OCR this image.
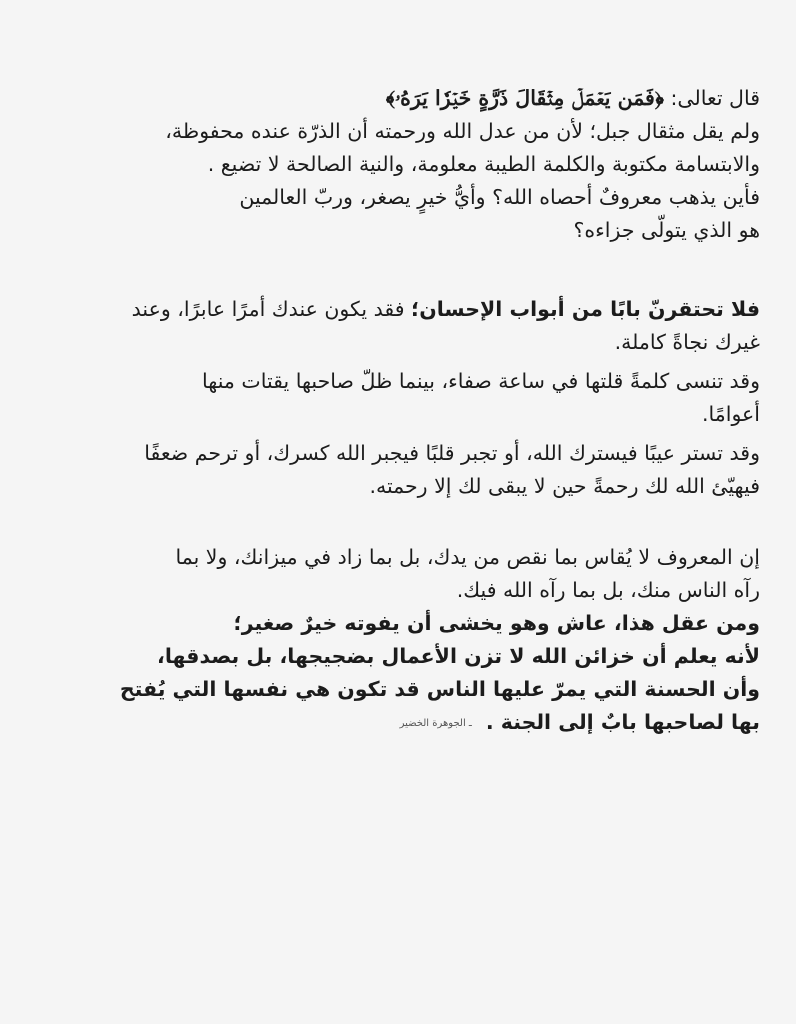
قال تعالى: ﴿فَمَن يَعۡمَلۡ مِثۡقَالَ ذَرَّةٍ خَيۡرٗا يَرَهُۥ﴾
ولم يقل مثقال جبل؛ لأن من عدل الله ورحمته أن الذرّة عنده محفوظة،
والابتسامة مكتوبة والكلمة الطيبة معلومة، والنية الصالحة لا تضيع .
فأين يذهب معروفٌ أحصاه الله؟ وأيُّ خيرٍ يصغر، وربّ العالمين
هو الذي يتولّى جزاءه؟
فلا تحتقرنّ بابًا من أبواب الإحسان؛ فقد يكون عندك أمرًا عابرًا، وعند
غيرك نجاةً كاملة.
وقد تنسى كلمةً قلتها في ساعة صفاء، بينما ظلّ صاحبها يقتات منها
أعوامًا.
وقد تستر عيبًا فيسترك الله، أو تجبر قلبًا فيجبر الله كسرك، أو ترحم ضعفًا
فيهيّئ الله لك رحمةً حين لا يبقى لك إلا رحمته.
إن المعروف لا يُقاس بما نقص من يدك، بل بما زاد في ميزانك، ولا بما
رآه الناس منك، بل بما رآه الله فيك.
ومن عقل هذا، عاش وهو يخشى أن يفوته خيرٌ صغير؛
لأنه يعلم أن خزائن الله لا تزن الأعمال بضجيجها، بل بصدقها،
وأن الحسنة التي يمرّ عليها الناس قد تكون هي نفسها التي يُفتح
بها لصاحبها بابٌ إلى الجنة .ـ الجوهرة الخضير
